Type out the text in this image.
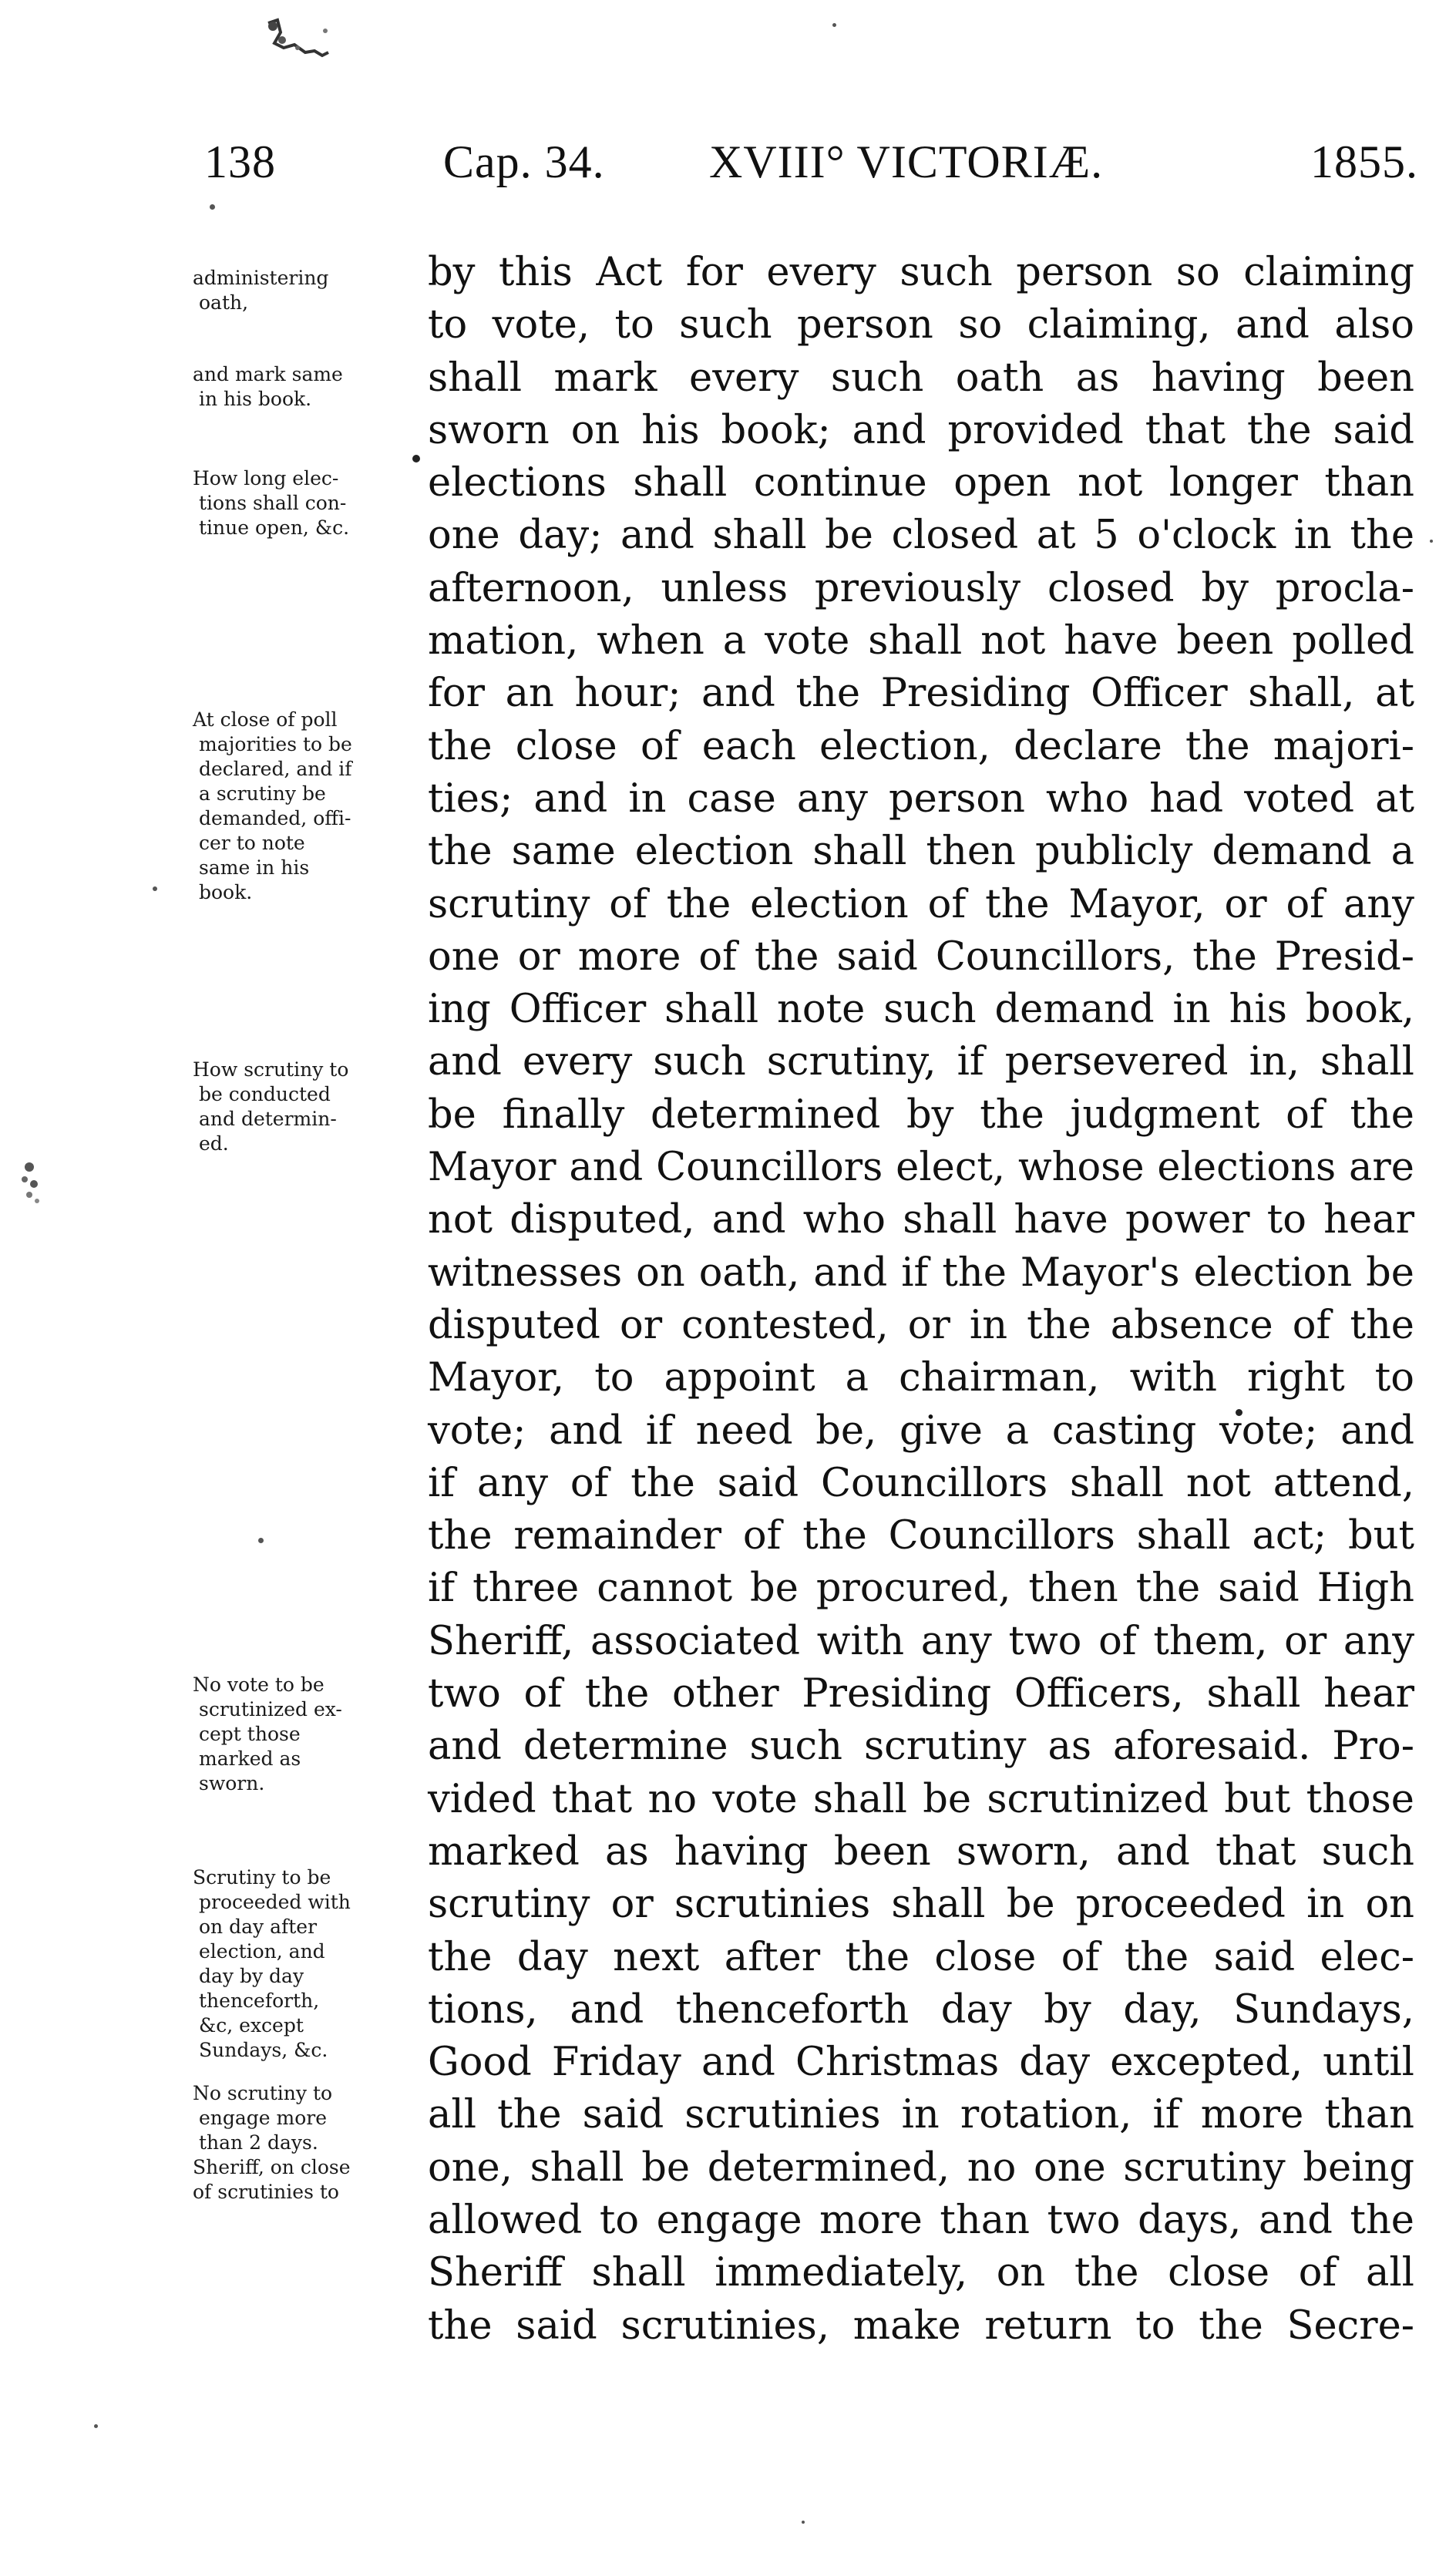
138	Cap. 34. XVIII° VICTORIÆ.	1855.
administering
oath,
and mark same
in his book.
How long elec-
tions shall con-
tinue open, &c.
At close of poll
majorities to be
declared, and if
a scrutiny be
demanded, offi-
cer to note
same in his
book.
How scrutiny to
be conducted
and determin-
ed.
No vote to be
scrutinized ex-
cept those
marked as
sworn.
Scrutiny to be
proceeded with
on day after
election, and
day by day
thenceforth,
&c, except
Sundays, &c.
No scrutiny to
engage more
than 2 days.
Sheriff, on close
of scrutinies to
by this Act for every such person so claiming
to vote, to such person so claiming, and also
shall mark every such oath as having been
sworn on his book; and provided that the said
elections shall continue open not longer than
one day; and shall be closed at 5 o'clock in the
afternoon, unless previously closed by procla-
mation, when a vote shall not have been polled
for an hour; and the Presiding Officer shall, at
the close of each election, declare the majori-
ties; and in case any person who had voted at
the same election shall then publicly demand a
scrutiny of the election of the Mayor, or of any
one or more of the said Councillors, the Presid-
ing Officer shall note such demand in his book,
and every such scrutiny, if persevered in, shall
be finally determined by the judgment of the
Mayor and Councillors elect, whose elections are
not disputed, and who shall have power to hear
witnesses on oath, and if the Mayor's election be
disputed or contested, or in the absence of the
Mayor, to appoint a chairman, with right to
vote; and if need be, give a casting vote; and
if any of the said Councillors shall not attend,
the remainder of the Councillors shall act; but
if three cannot be procured, then the said High
Sheriff, associated with any two of them, or any
two of the other Presiding Officers, shall hear
and determine such scrutiny as aforesaid. Pro-
vided that no vote shall be scrutinized but those
marked as having been sworn, and that such
scrutiny or scrutinies shall be proceeded in on
the day next after the close of the said elec-
tions, and thenceforth day by day, Sundays,
Good Friday and Christmas day excepted, until
all the said scrutinies in rotation, if more than
one, shall be determined, no one scrutiny being
allowed to engage more than two days, and the
Sheriff shall immediately, on the close of all
the said scrutinies, make return to the Secre-
